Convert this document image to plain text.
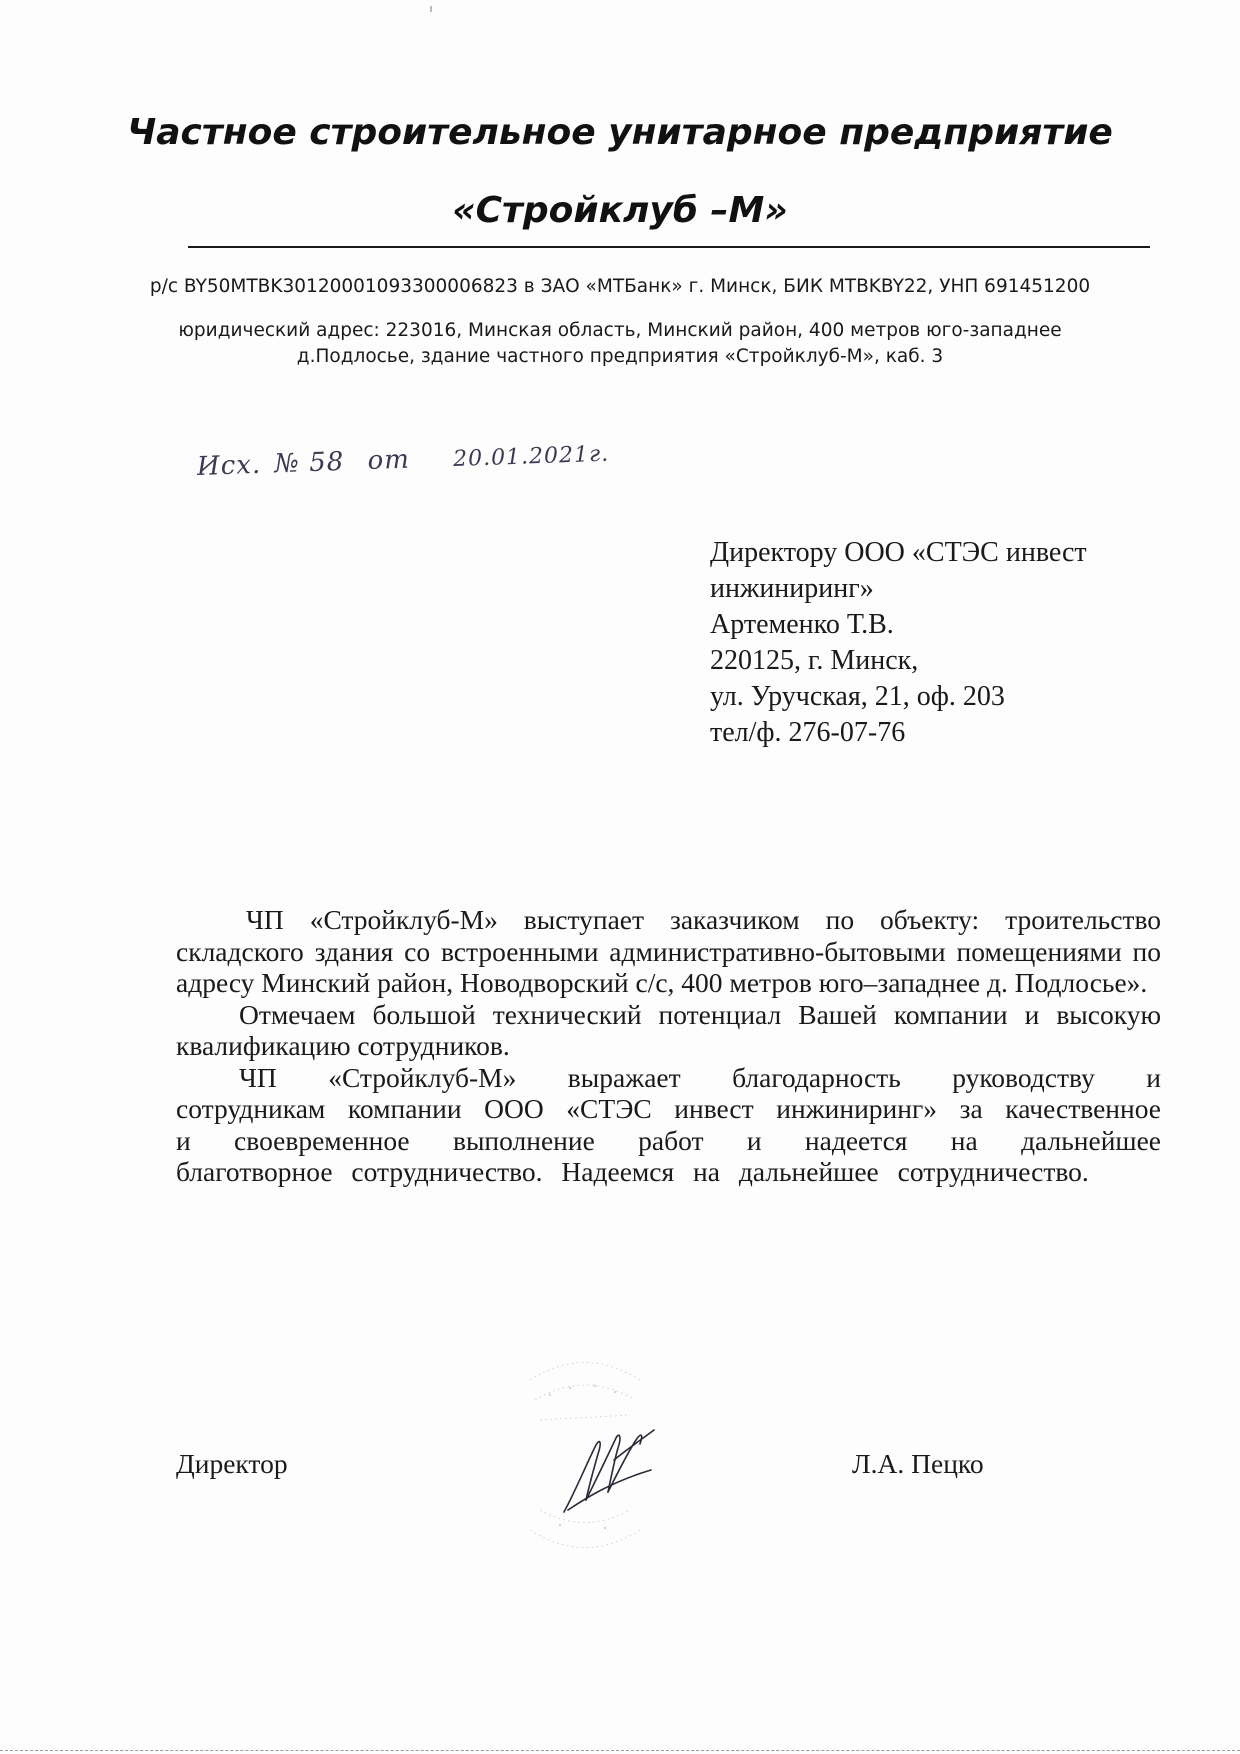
Частное строительное унитарное предприятие
«Стройклуб –М»
р/с BY50MTBK30120001093300006823 в ЗАО «МТБанк» г. Минск, БИК MTBKBY22, УНП 691451200
юридический адрес: 223016, Минская область, Минский район, 400 метров юго-западнее
д.Подлосье, здание частного предприятия «Стройклуб-М», каб. 3
Исх. № 58 от 20.01.2021г.
Директору ООО «СТЭС инвест
инжиниринг»
Артеменко Т.В.
220125, г. Минск,
ул. Уручская, 21, оф. 203
тел/ф. 276-07-76

ЧП «Стройклуб-М» выступает заказчиком по объекту: троительство складского здания со встроенными административно-бытовыми помещениями по адресу Минский район, Новодворский с/с, 400 метров юго–западнее д. Подлосье».

Отмечаем большой технический потенциал Вашей компании и высокую квалификацию сотрудников.

ЧП «Стройклуб-М» выражает благодарность руководству и сотрудникам компании ООО «СТЭС инвест инжиниринг» за качественное и своевременное выполнение работ и надеется на дальнейшее благотворное сотрудничество. Надеемся на дальнейшее сотрудничество.

Директор	Л.А. Пецко
